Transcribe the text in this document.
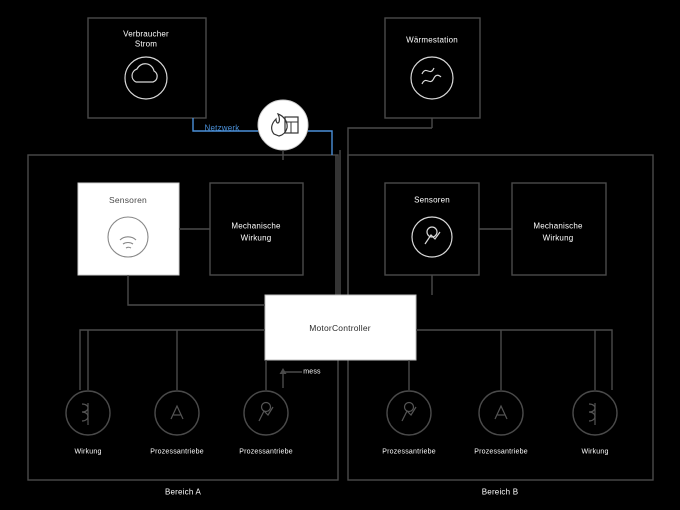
Verbraucher
Strom	Wärmestation
Netzwerk
Sensoren
Mechanische
Wirkung
Sensoren
Mechanische
Wirkung
MotorController
mess
Wirkung	Prozessantriebe	Prozessantriebe	Prozessantriebe	Prozessantriebe	Wirkung
Bereich A	Bereich B
